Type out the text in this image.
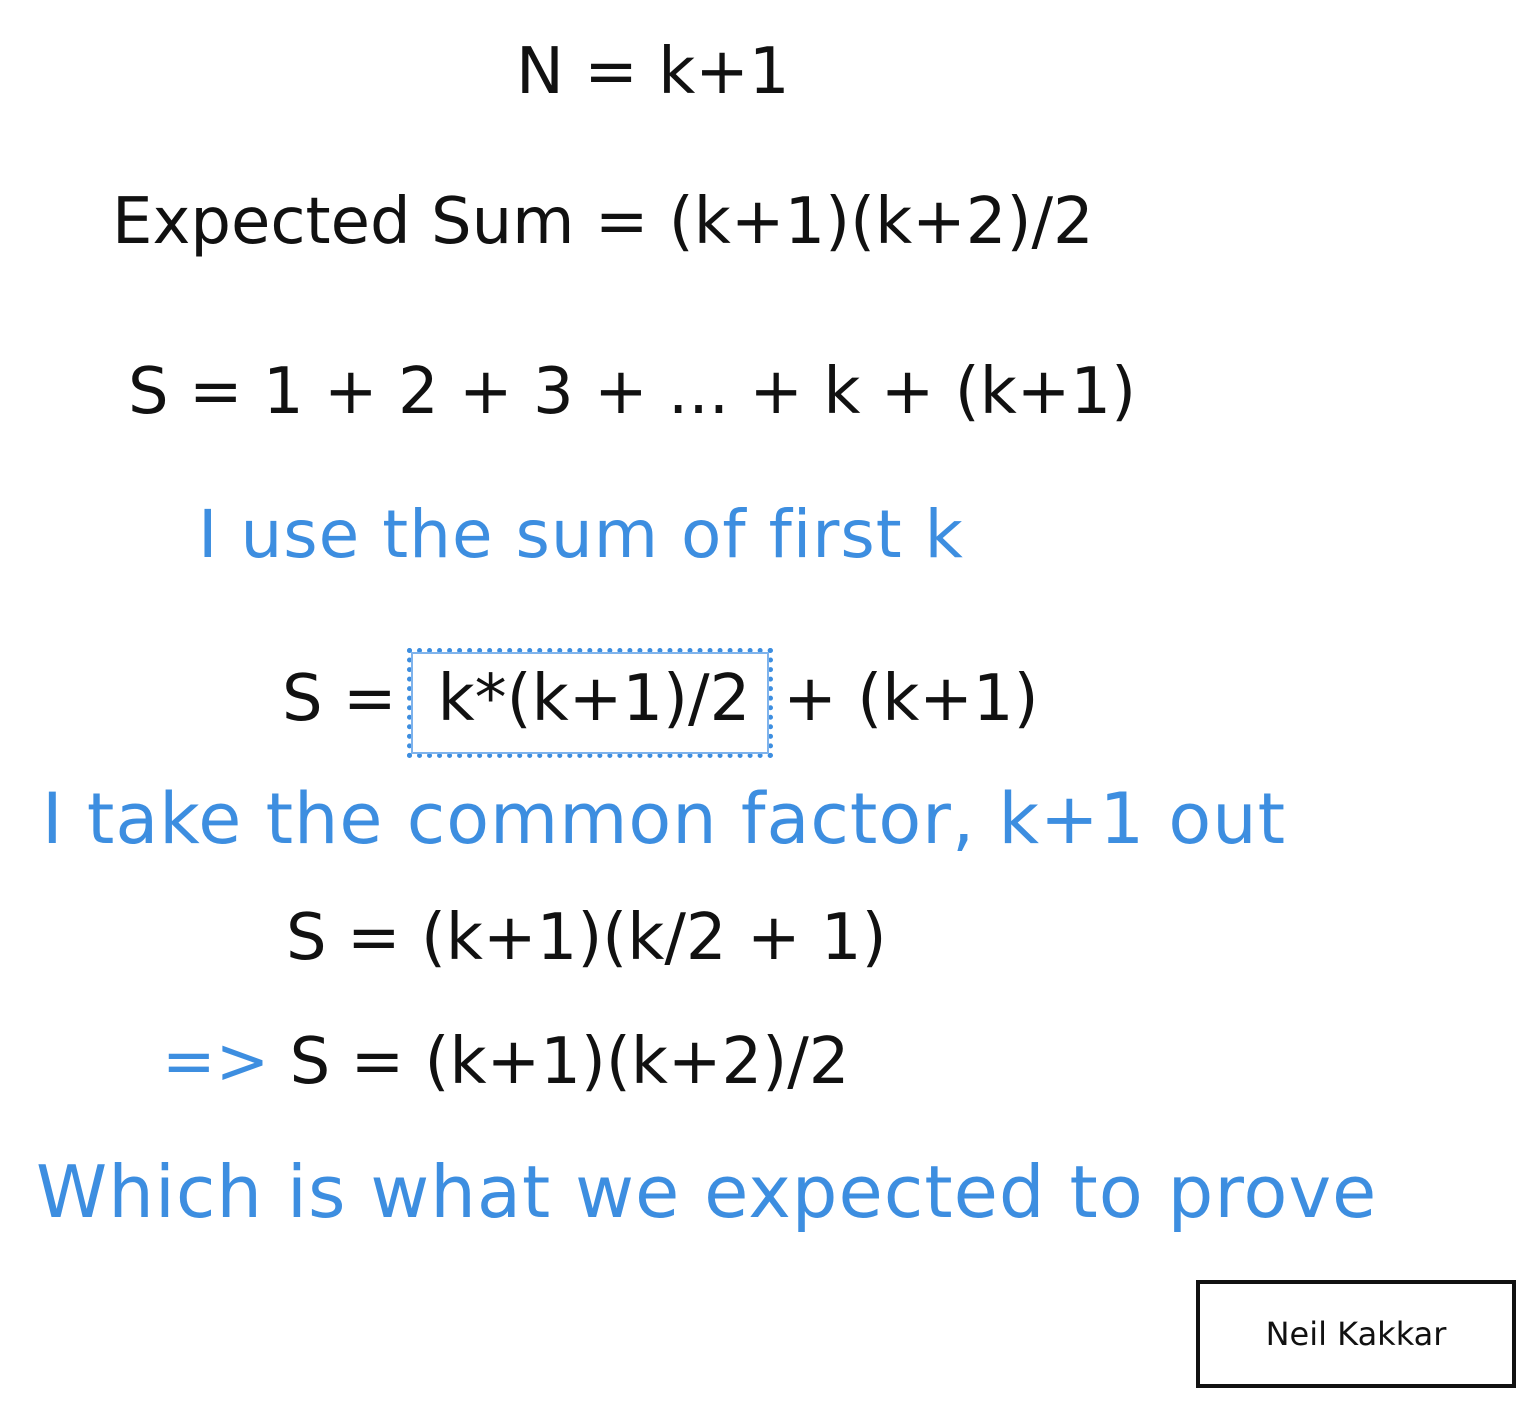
N = k+1
Expected Sum = (k+1)(k+2)/2
S = 1 + 2 + 3 + ... + k + (k+1)
I use the sum of first k
S = k*(k+1)/2 + (k+1)
I take the common factor, k+1 out
S = (k+1)(k/2 + 1)
=> S = (k+1)(k+2)/2
Which is what we expected to prove
Neil Kakkar
